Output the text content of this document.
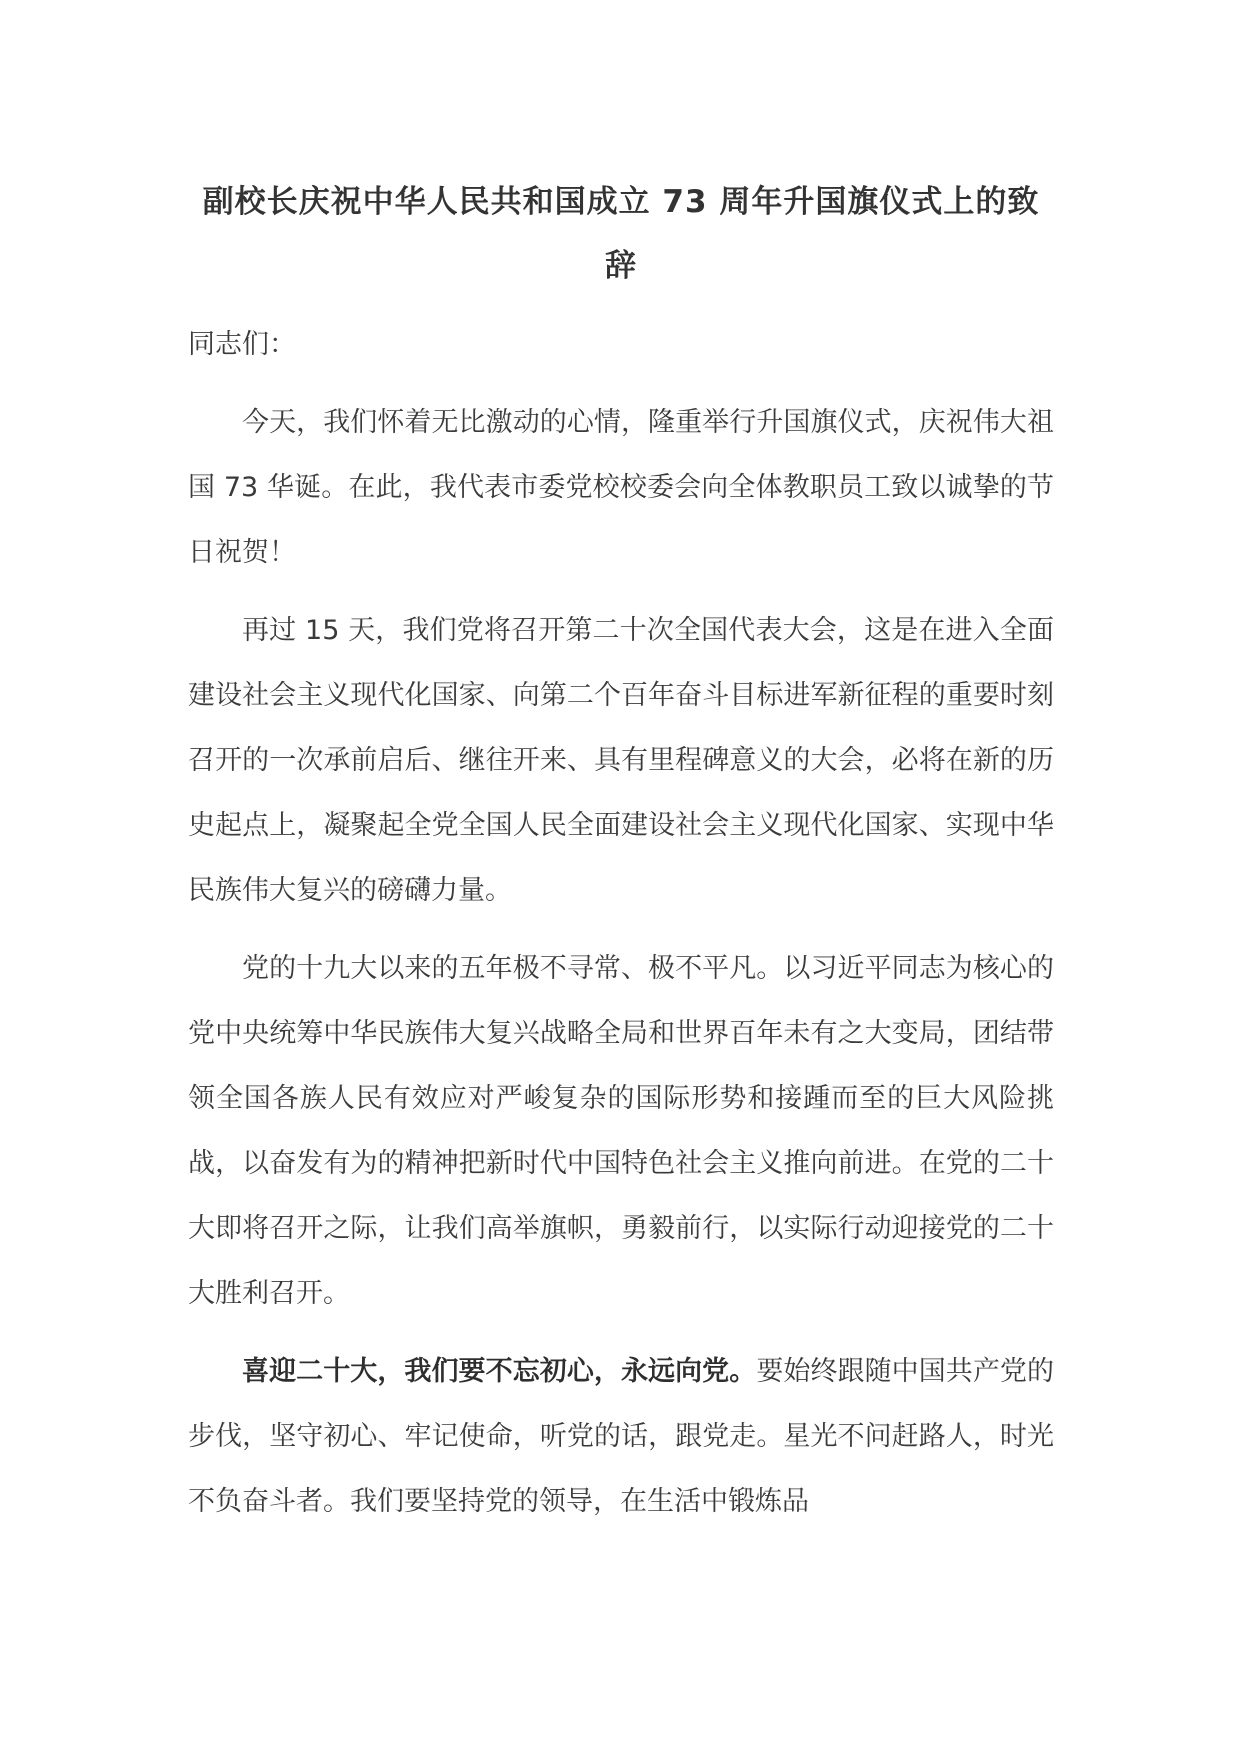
副校长庆祝中华人民共和国成立 73 周年升国旗仪式上的致辞

同志们：

今天，我们怀着无比激动的心情，隆重举行升国旗仪式，庆祝伟大祖国 73 华诞。在此，我代表市委党校校委会向全体教职员工致以诚挚的节日祝贺！

再过 15 天，我们党将召开第二十次全国代表大会，这是在进入全面建设社会主义现代化国家、向第二个百年奋斗目标进军新征程的重要时刻召开的一次承前启后、继往开来、具有里程碑意义的大会，必将在新的历史起点上，凝聚起全党全国人民全面建设社会主义现代化国家、实现中华民族伟大复兴的磅礴力量。

党的十九大以来的五年极不寻常、极不平凡。以习近平同志为核心的党中央统筹中华民族伟大复兴战略全局和世界百年未有之大变局，团结带领全国各族人民有效应对严峻复杂的国际形势和接踵而至的巨大风险挑战，以奋发有为的精神把新时代中国特色社会主义推向前进。在党的二十大即将召开之际，让我们高举旗帜，勇毅前行，以实际行动迎接党的二十大胜利召开。

喜迎二十大，我们要不忘初心，永远向党。要始终跟随中国共产党的步伐，坚守初心、牢记使命，听党的话，跟党走。星光不问赶路人，时光不负奋斗者。我们要坚持党的领导，在生活中锻炼品
